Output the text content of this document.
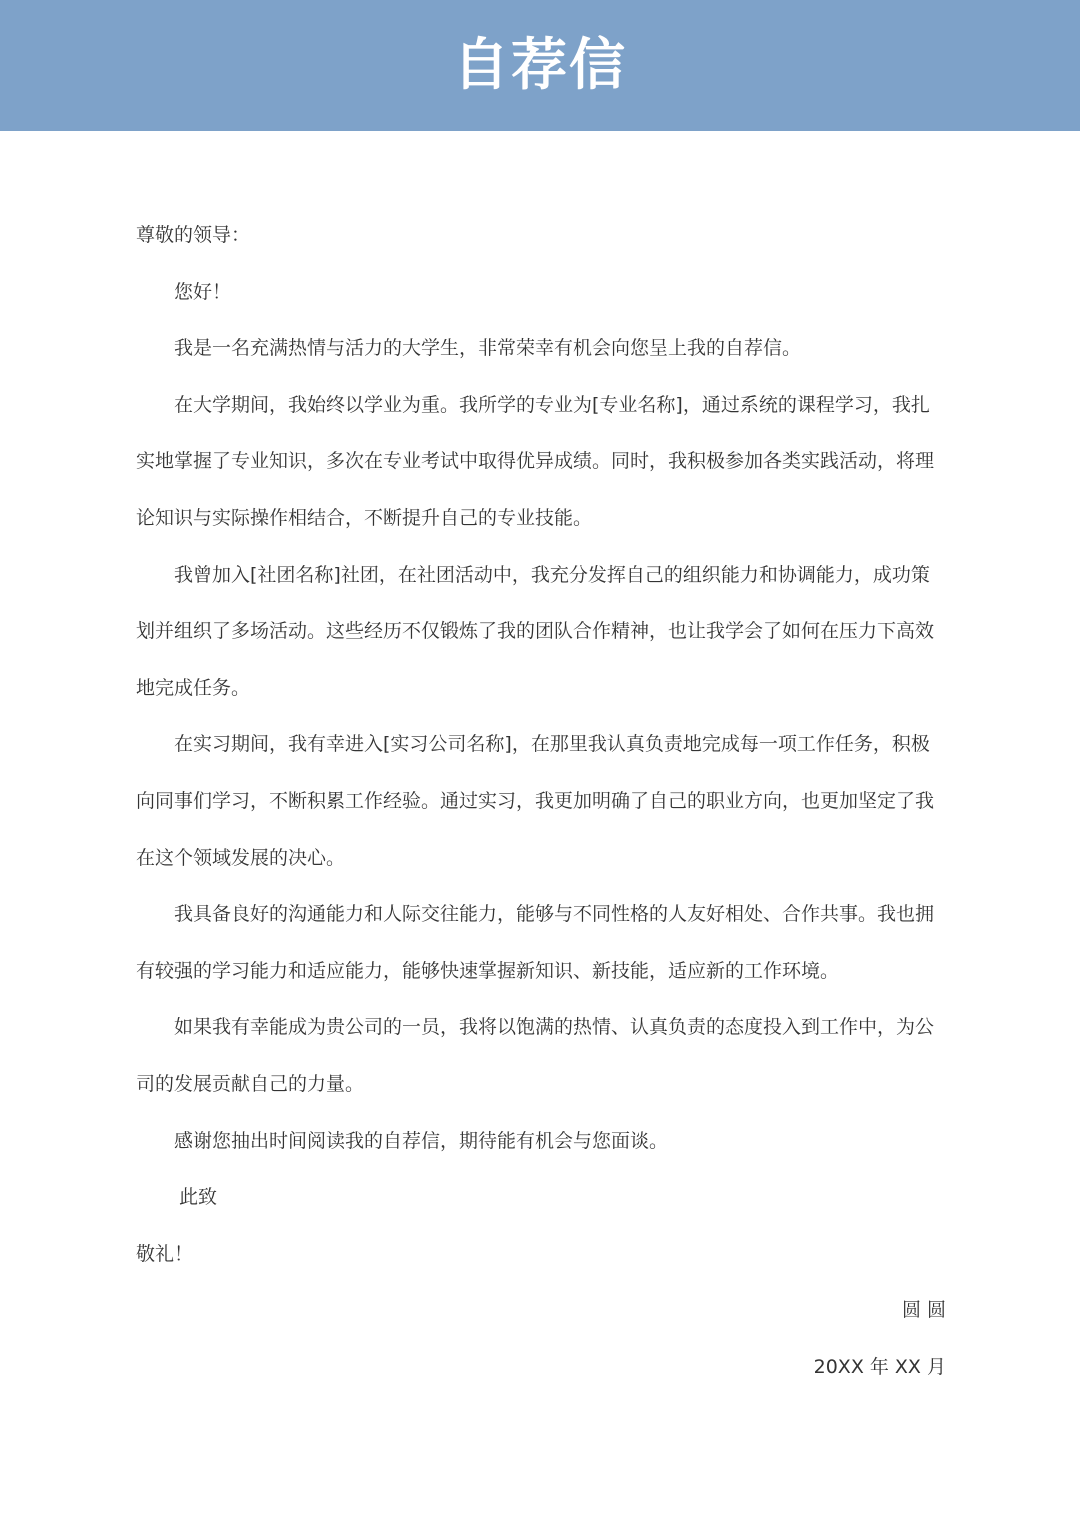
自荐信

尊敬的领导：

您好！

我是一名充满热情与活力的大学生，非常荣幸有机会向您呈上我的自荐信。

在大学期间，我始终以学业为重。我所学的专业为[专业名称]，通过系统的课程学习，我扎实地掌握了专业知识，多次在专业考试中取得优异成绩。同时，我积极参加各类实践活动，将理论知识与实际操作相结合，不断提升自己的专业技能。

我曾加入[社团名称]社团，在社团活动中，我充分发挥自己的组织能力和协调能力，成功策划并组织了多场活动。这些经历不仅锻炼了我的团队合作精神，也让我学会了如何在压力下高效地完成任务。

在实习期间，我有幸进入[实习公司名称]，在那里我认真负责地完成每一项工作任务，积极向同事们学习，不断积累工作经验。通过实习，我更加明确了自己的职业方向，也更加坚定了我在这个领域发展的决心。

我具备良好的沟通能力和人际交往能力，能够与不同性格的人友好相处、合作共事。我也拥有较强的学习能力和适应能力，能够快速掌握新知识、新技能，适应新的工作环境。

如果我有幸能成为贵公司的一员，我将以饱满的热情、认真负责的态度投入到工作中，为公司的发展贡献自己的力量。

感谢您抽出时间阅读我的自荐信，期待能有机会与您面谈。

此致

敬礼！

圆 圆

20XX 年 XX 月
